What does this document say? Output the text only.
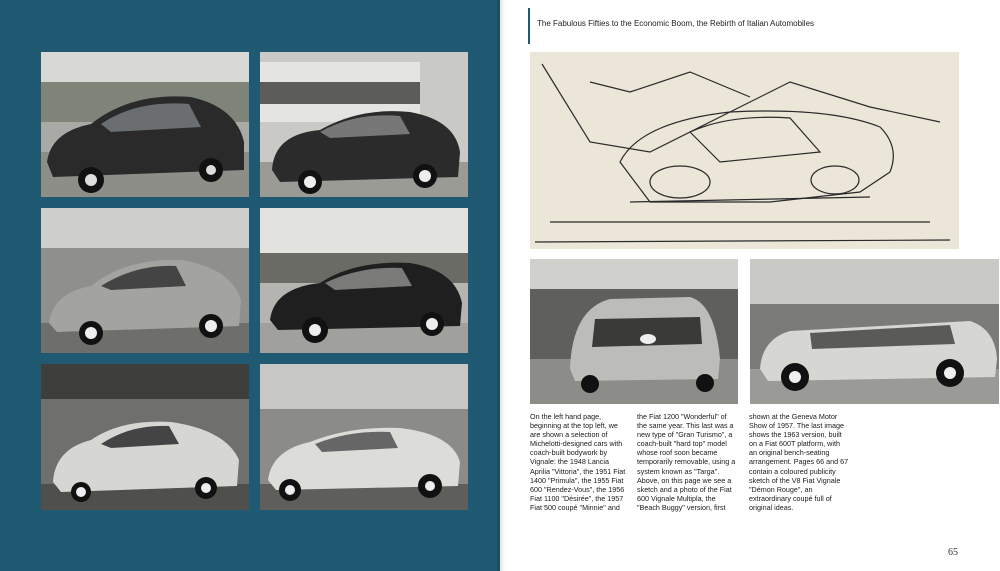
The Fabulous Fifties to the Economic Boom, the Rebirth of Italian Automobiles
On the left hand page, beginning at the top left, we are shown a selection of Michelotti-designed cars with coach-built bodywork by Vignale: the 1948 Lancia Aprilia "Vittoria", the 1951 Fiat 1400 "Primula", the 1955 Fiat 600 "Rendez-Vous", the 1956 Fiat 1100 "Désirée", the 1957 Fiat 500 coupé "Minnie" and
the Fiat 1200 "Wonderful" of the same year. This last was a new type of "Gran Turismo", a coach-built "hard top" model whose roof soon became temporarily removable, using a system known as "Targa". Above, on this page we see a sketch and a photo of the Fiat 600 Vignale Multipla, the "Beach Buggy" version, first
shown at the Geneva Motor Show of 1957. The last image shows the 1963 version, built on a Fiat 600T platform, with an original bench-seating arrangement. Pages 66 and 67 contain a coloured publicity sketch of the V8 Fiat Vignale "Démon Rouge", an extraordinary coupé full of original ideas.
65
